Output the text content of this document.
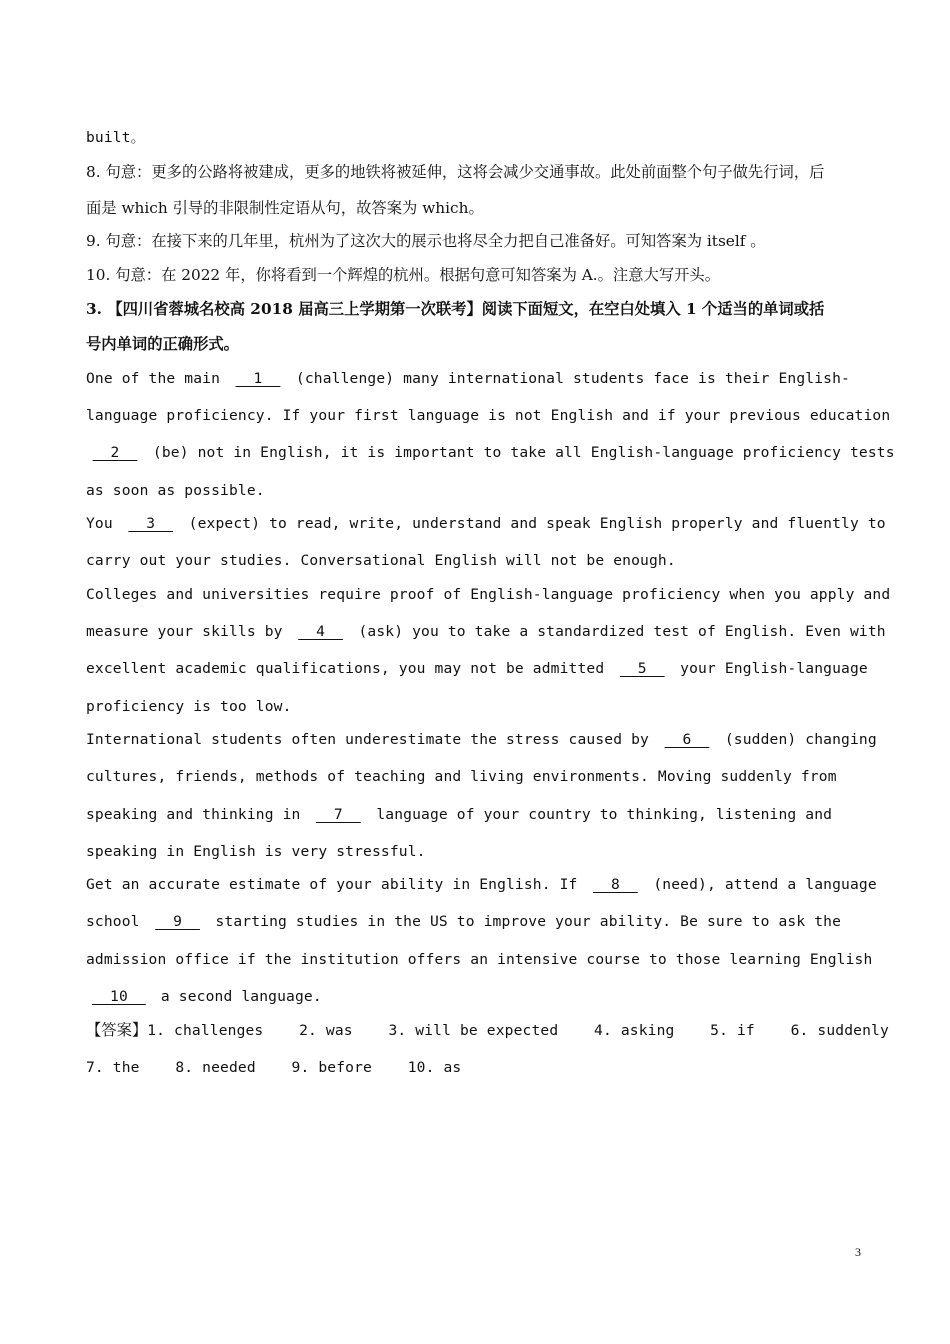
built。
8. 句意：更多的公路将被建成，更多的地铁将被延伸，这将会减少交通事故。此处前面整个句子做先行词，后
面是 which 引导的非限制性定语从句，故答案为 which。
9. 句意：在接下来的几年里，杭州为了这次大的展示也将尽全力把自己准备好。可知答案为 itself 。
10. 句意：在 2022 年，你将看到一个辉煌的杭州。根据句意可知答案为 A.。注意大写开头。
3. 【四川省蓉城名校高 2018 届高三上学期第一次联考】阅读下面短文，在空白处填入 1 个适当的单词或括
号内单词的正确形式。
One of the main   1   (challenge) many international students face is their English-
language proficiency. If your first language is not English and if your previous education
2   (be) not in English, it is important to take all English-language proficiency tests
as soon as possible.
You   3   (expect) to read, write, understand and speak English properly and fluently to
carry out your studies. Conversational English will not be enough.
Colleges and universities require proof of English-language proficiency when you apply and
measure your skills by   4   (ask) you to take a standardized test of English. Even with
excellent academic qualifications, you may not be admitted   5   your English-language
proficiency is too low.
International students often underestimate the stress caused by   6   (sudden) changing
cultures, friends, methods of teaching and living environments. Moving suddenly from
speaking and thinking in   7   language of your country to thinking, listening and
speaking in English is very stressful.
Get an accurate estimate of your ability in English. If   8   (need), attend a language
school   9   starting studies in the US to improve your ability. Be sure to ask the
admission office if the institution offers an intensive course to those learning English
10   a second language.
【答案】1. challenges    2. was    3. will be expected    4. asking    5. if    6. suddenly
7. the    8. needed    9. before    10. as
3
